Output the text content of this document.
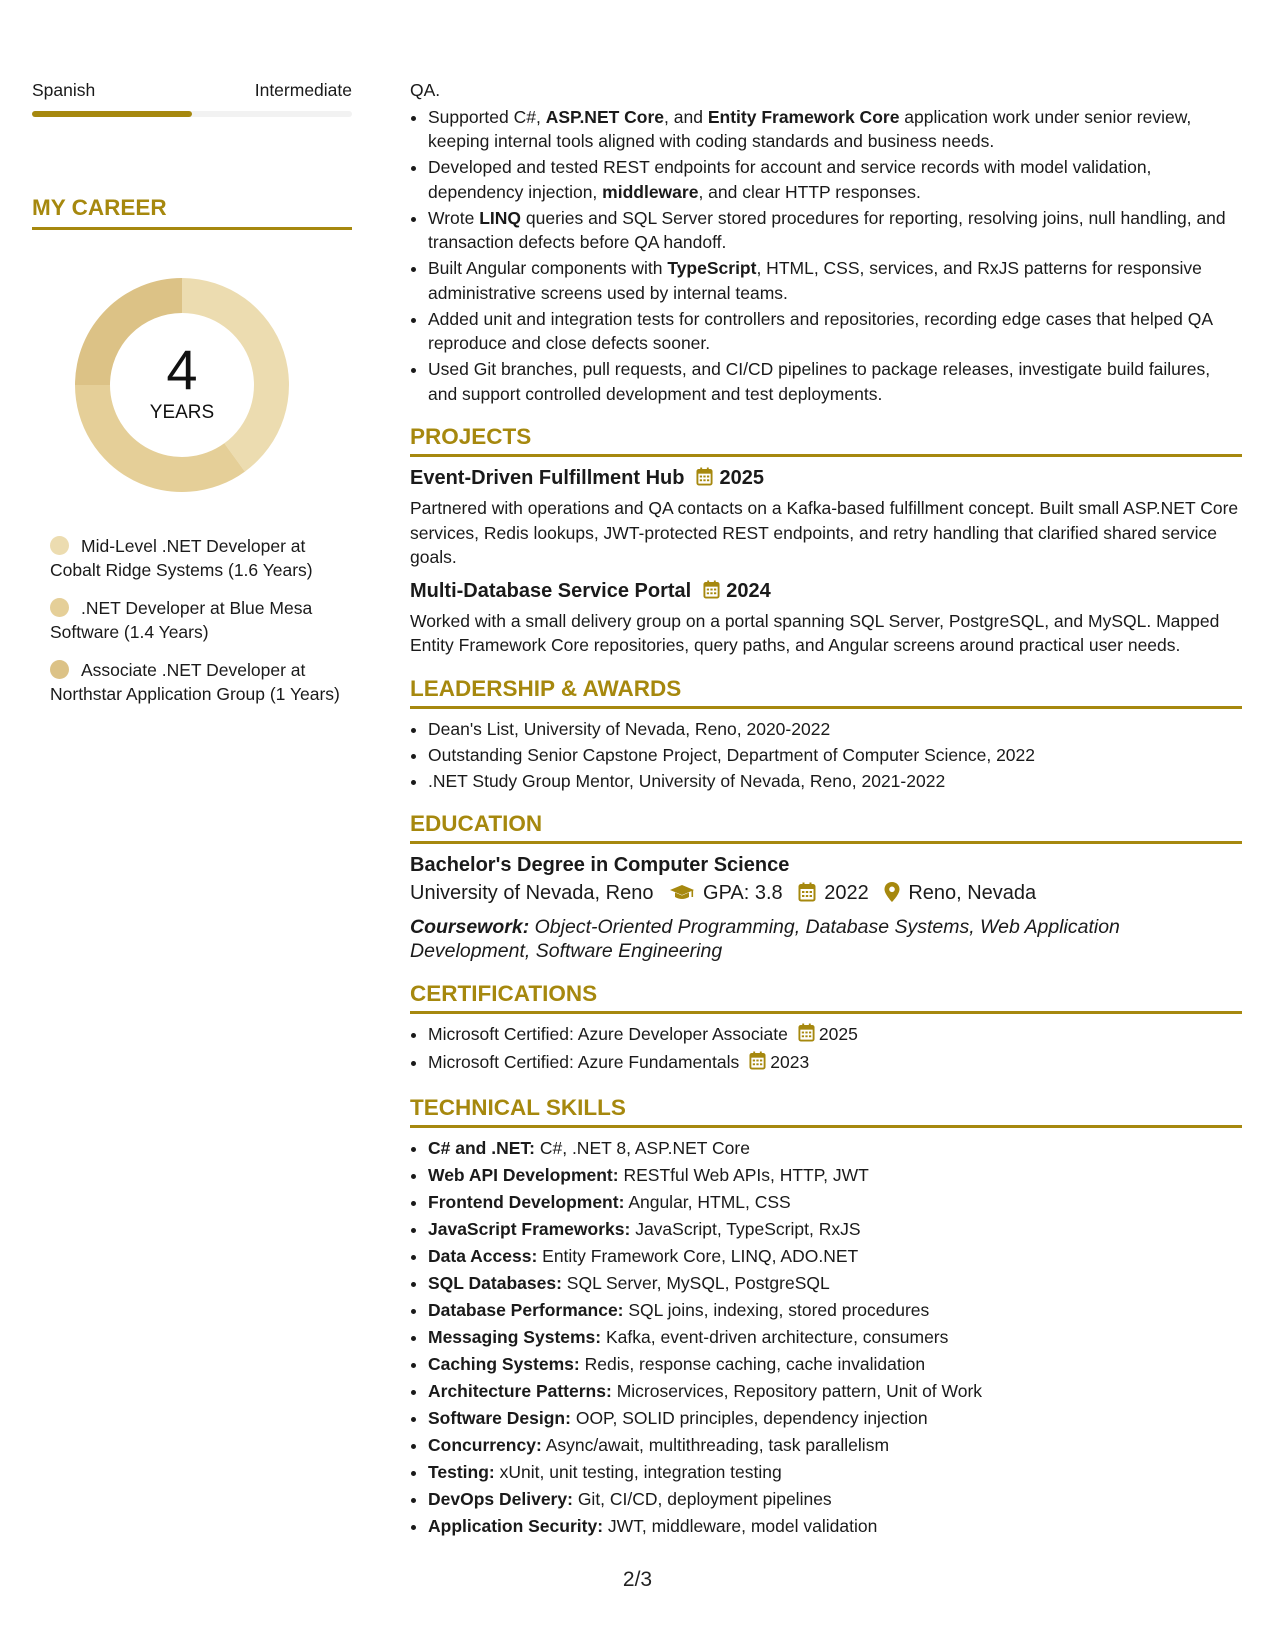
Spanish	Intermediate
MY CAREER
4
YEARS
Mid-Level .NET Developer at Cobalt Ridge Systems (1.6 Years)
.NET Developer at Blue Mesa Software (1.4 Years)
Associate .NET Developer at Northstar Application Group (1 Years)
QA.
• Supported C#, ASP.NET Core, and Entity Framework Core application work under senior review, keeping internal tools aligned with coding standards and business needs.
• Developed and tested REST endpoints for account and service records with model validation, dependency injection, middleware, and clear HTTP responses.
• Wrote LINQ queries and SQL Server stored procedures for reporting, resolving joins, null handling, and transaction defects before QA handoff.
• Built Angular components with TypeScript, HTML, CSS, services, and RxJS patterns for responsive administrative screens used by internal teams.
• Added unit and integration tests for controllers and repositories, recording edge cases that helped QA reproduce and close defects sooner.
• Used Git branches, pull requests, and CI/CD pipelines to package releases, investigate build failures, and support controlled development and test deployments.
PROJECTS
Event-Driven Fulfillment Hub 2025
Partnered with operations and QA contacts on a Kafka-based fulfillment concept. Built small ASP.NET Core services, Redis lookups, JWT-protected REST endpoints, and retry handling that clarified shared service goals.
Multi-Database Service Portal 2024
Worked with a small delivery group on a portal spanning SQL Server, PostgreSQL, and MySQL. Mapped Entity Framework Core repositories, query paths, and Angular screens around practical user needs.
LEADERSHIP & AWARDS
• Dean's List, University of Nevada, Reno, 2020-2022
• Outstanding Senior Capstone Project, Department of Computer Science, 2022
• .NET Study Group Mentor, University of Nevada, Reno, 2021-2022
EDUCATION
Bachelor's Degree in Computer Science
University of Nevada, Reno GPA: 3.8 2022 Reno, Nevada
Coursework: Object-Oriented Programming, Database Systems, Web Application Development, Software Engineering
CERTIFICATIONS
• Microsoft Certified: Azure Developer Associate 2025
• Microsoft Certified: Azure Fundamentals 2023
TECHNICAL SKILLS
• C# and .NET: C#, .NET 8, ASP.NET Core
• Web API Development: RESTful Web APIs, HTTP, JWT
• Frontend Development: Angular, HTML, CSS
• JavaScript Frameworks: JavaScript, TypeScript, RxJS
• Data Access: Entity Framework Core, LINQ, ADO.NET
• SQL Databases: SQL Server, MySQL, PostgreSQL
• Database Performance: SQL joins, indexing, stored procedures
• Messaging Systems: Kafka, event-driven architecture, consumers
• Caching Systems: Redis, response caching, cache invalidation
• Architecture Patterns: Microservices, Repository pattern, Unit of Work
• Software Design: OOP, SOLID principles, dependency injection
• Concurrency: Async/await, multithreading, task parallelism
• Testing: xUnit, unit testing, integration testing
• DevOps Delivery: Git, CI/CD, deployment pipelines
• Application Security: JWT, middleware, model validation
2/3
